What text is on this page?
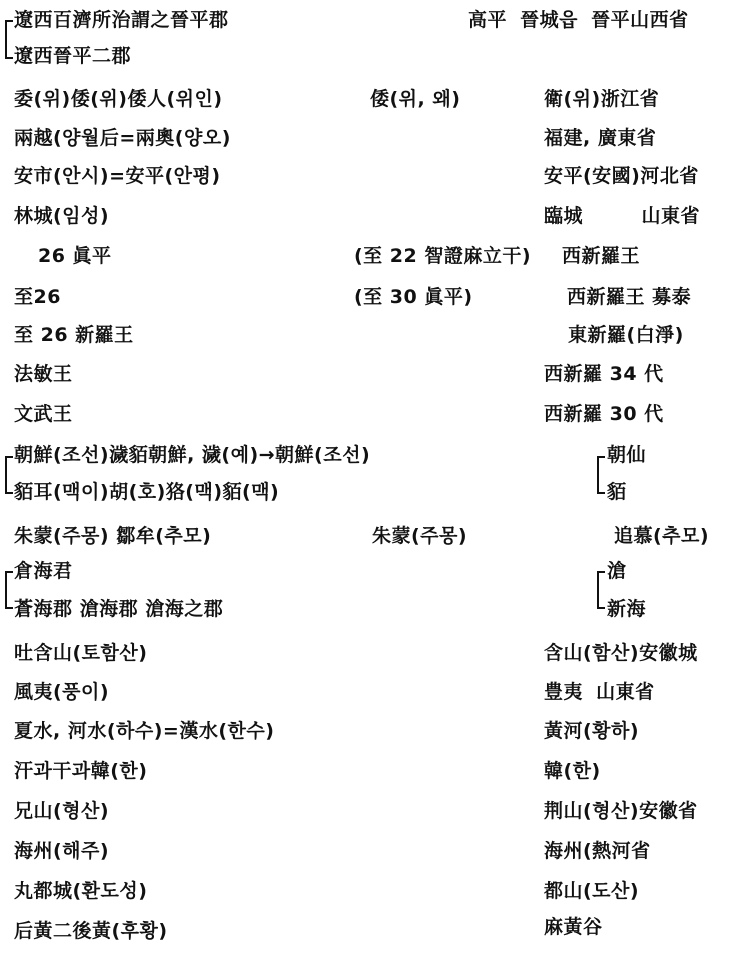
遼西百濟所治謂之晉平郡	高平 晉城읍 晉平山西省
遼西晉平二郡
委(위)倭(위)倭人(위인)	倭(위, 왜)	衛(위)浙江省
兩越(양월后=兩奧(양오)	福建, 廣東省
安市(안시)=安平(안평)	安平(安國)河北省
林城(임성)	臨城　　　山東省
26 眞平	(至 22 智證麻立干) 西新羅王
至26	(至 30 眞平)	西新羅王 募泰
至 26 新羅王	東新羅(白淨)
法敏王	西新羅 34 代
文武王	西新羅 30 代
朝鮮(조선)濊貊朝鮮, 濊(예)→朝鮮(조선)	朝仙
貊耳(맥이)胡(호)狢(맥)貊(맥)	貊
朱蒙(주몽) 鄒牟(추모)	朱蒙(주몽)	追慕(추모)
倉海君	滄
蒼海郡 滄海郡 滄海之郡	新海
吐含山(토함산)	含山(함산)安徽城
風夷(풍이)	豊夷 山東省
夏水, 河水(하수)=漢水(한수)	黃河(황하)
汗과干과韓(한)	韓(한)
兄山(형산)	荆山(형산)安徽省
海州(해주)	海州(熱河省
丸都城(환도성)	都山(도산)
后黃二後黃(후황)	麻黃谷
